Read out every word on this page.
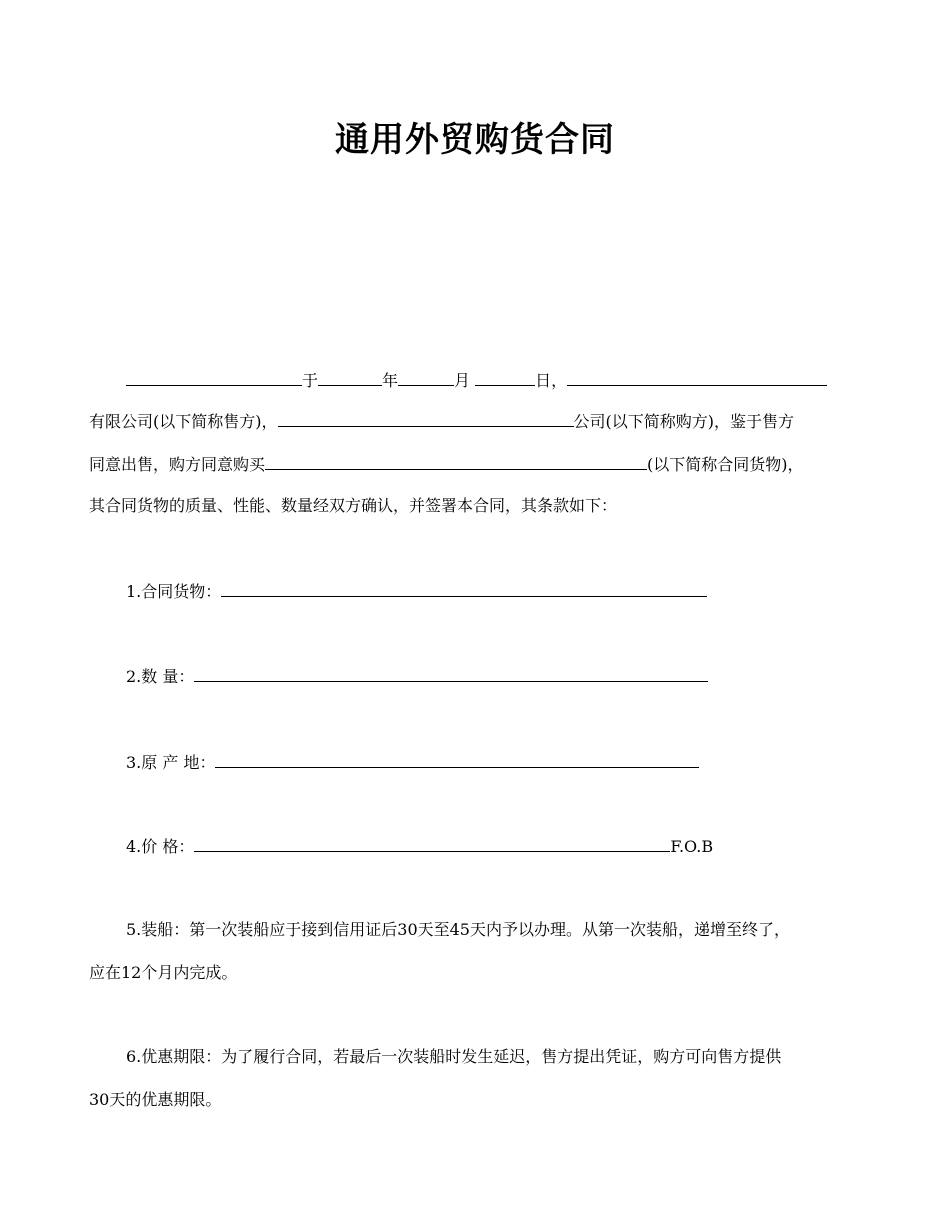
通用外贸购货合同
于	年	月	日，
有限公司(以下简称售方)，	公司(以下简称购方)，鉴于售方
同意出售，购方同意购买	(以下简称合同货物)，
其合同货物的质量、性能、数量经双方确认，并签署本合同，其条款如下：
1.合同货物：
2.数 量：
3.原 产 地：
4.价 格：	F.O.B
5.装船：第一次装船应于接到信用证后30天至45天内予以办理。从第一次装船，递增至终了，
应在12个月内完成。
6.优惠期限：为了履行合同，若最后一次装船时发生延迟，售方提出凭证，购方可向售方提供
30天的优惠期限。
